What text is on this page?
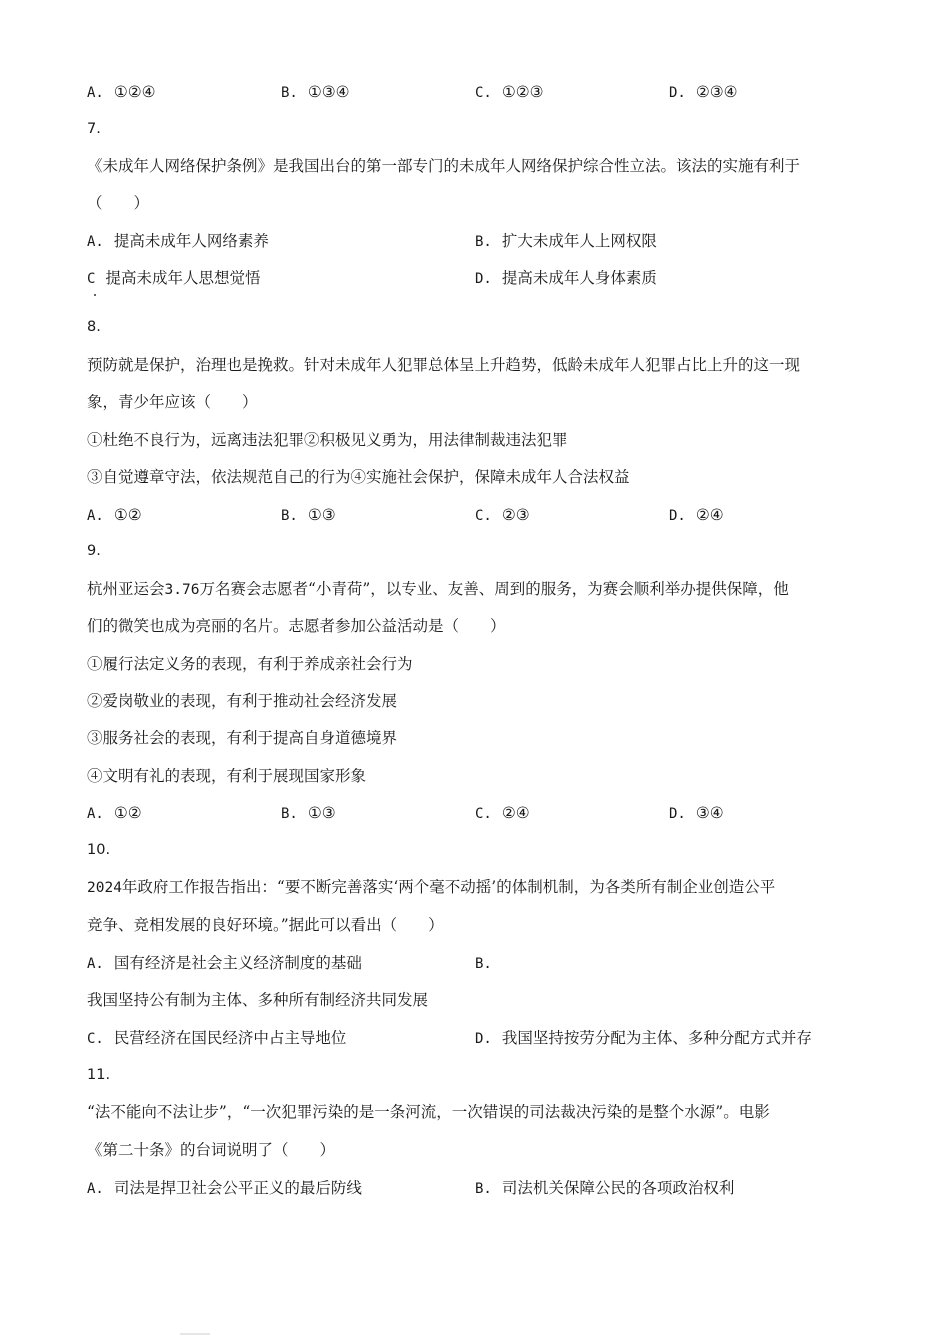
A. ①②④	B. ①③④	C. ①②③	D. ②③④
7.
《未成年人网络保护条例》是我国出台的第一部专门的未成年人网络保护综合性立法。该法的实施有利于
（　　）
A. 提高未成年人网络素养	B. 扩大未成年人上网权限
C 提高未成年人思想觉悟	D. 提高未成年人身体素质
8.
预防就是保护，治理也是挽救。针对未成年人犯罪总体呈上升趋势，低龄未成年人犯罪占比上升的这一现
象，青少年应该（　　）
①杜绝不良行为，远离违法犯罪②积极见义勇为，用法律制裁违法犯罪
③自觉遵章守法，依法规范自己的行为④实施社会保护，保障未成年人合法权益
A. ①②	B. ①③	C. ②③	D. ②④
9.
杭州亚运会3.76万名赛会志愿者“小青荷”，以专业、友善、周到的服务，为赛会顺利举办提供保障，他
们的微笑也成为亮丽的名片。志愿者参加公益活动是（　　）
①履行法定义务的表现，有利于养成亲社会行为
②爱岗敬业的表现，有利于推动社会经济发展
③服务社会的表现，有利于提高自身道德境界
④文明有礼的表现，有利于展现国家形象
A. ①②	B. ①③	C. ②④	D. ③④
10.
2024年政府工作报告指出：“要不断完善落实‘两个毫不动摇’的体制机制，为各类所有制企业创造公平
竞争、竞相发展的良好环境。”据此可以看出（　　）
A. 国有经济是社会主义经济制度的基础	B.
我国坚持公有制为主体、多种所有制经济共同发展
C. 民营经济在国民经济中占主导地位	D. 我国坚持按劳分配为主体、多种分配方式并存
11.
“法不能向不法让步”，“一次犯罪污染的是一条河流，一次错误的司法裁决污染的是整个水源”。电影
《第二十条》的台词说明了（　　）
A. 司法是捍卫社会公平正义的最后防线	B. 司法机关保障公民的各项政治权利
